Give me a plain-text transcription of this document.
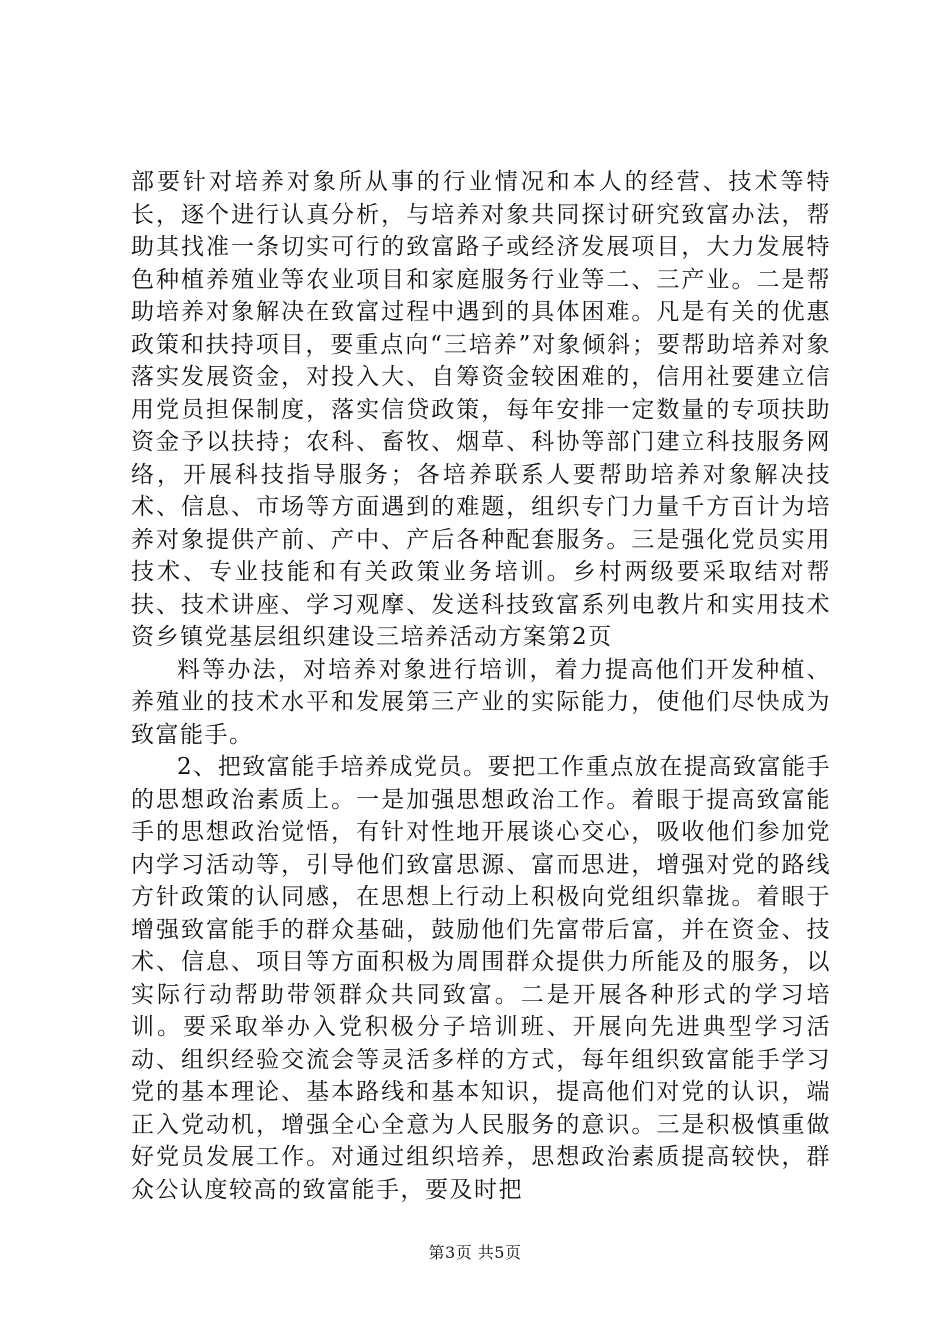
部要针对培养对象所从事的行业情况和本人的经营、技术等特长，逐个进行认真分析，与培养对象共同探讨研究致富办法，帮助其找准一条切实可行的致富路子或经济发展项目，大力发展特色种植养殖业等农业项目和家庭服务行业等二、三产业。二是帮助培养对象解决在致富过程中遇到的具体困难。凡是有关的优惠政策和扶持项目，要重点向“三培养”对象倾斜；要帮助培养对象落实发展资金，对投入大、自筹资金较困难的，信用社要建立信用党员担保制度，落实信贷政策，每年安排一定数量的专项扶助资金予以扶持；农科、畜牧、烟草、科协等部门建立科技服务网络，开展科技指导服务；各培养联系人要帮助培养对象解决技术、信息、市场等方面遇到的难题，组织专门力量千方百计为培养对象提供产前、产中、产后各种配套服务。三是强化党员实用技术、专业技能和有关政策业务培训。乡村两级要采取结对帮扶、技术讲座、学习观摩、发送科技致富系列电教片和实用技术资乡镇党基层组织建设三培养活动方案第2页

料等办法，对培养对象进行培训，着力提高他们开发种植、养殖业的技术水平和发展第三产业的实际能力，使他们尽快成为致富能手。

2、把致富能手培养成党员。要把工作重点放在提高致富能手的思想政治素质上。一是加强思想政治工作。着眼于提高致富能手的思想政治觉悟，有针对性地开展谈心交心，吸收他们参加党内学习活动等，引导他们致富思源、富而思进，增强对党的路线方针政策的认同感，在思想上行动上积极向党组织靠拢。着眼于增强致富能手的群众基础，鼓励他们先富带后富，并在资金、技术、信息、项目等方面积极为周围群众提供力所能及的服务，以实际行动帮助带领群众共同致富。二是开展各种形式的学习培训。要采取举办入党积极分子培训班、开展向先进典型学习活动、组织经验交流会等灵活多样的方式，每年组织致富能手学习党的基本理论、基本路线和基本知识，提高他们对党的认识，端正入党动机，增强全心全意为人民服务的意识。三是积极慎重做好党员发展工作。对通过组织培养，思想政治素质提高较快，群众公认度较高的致富能手，要及时把

第3页 共5页
